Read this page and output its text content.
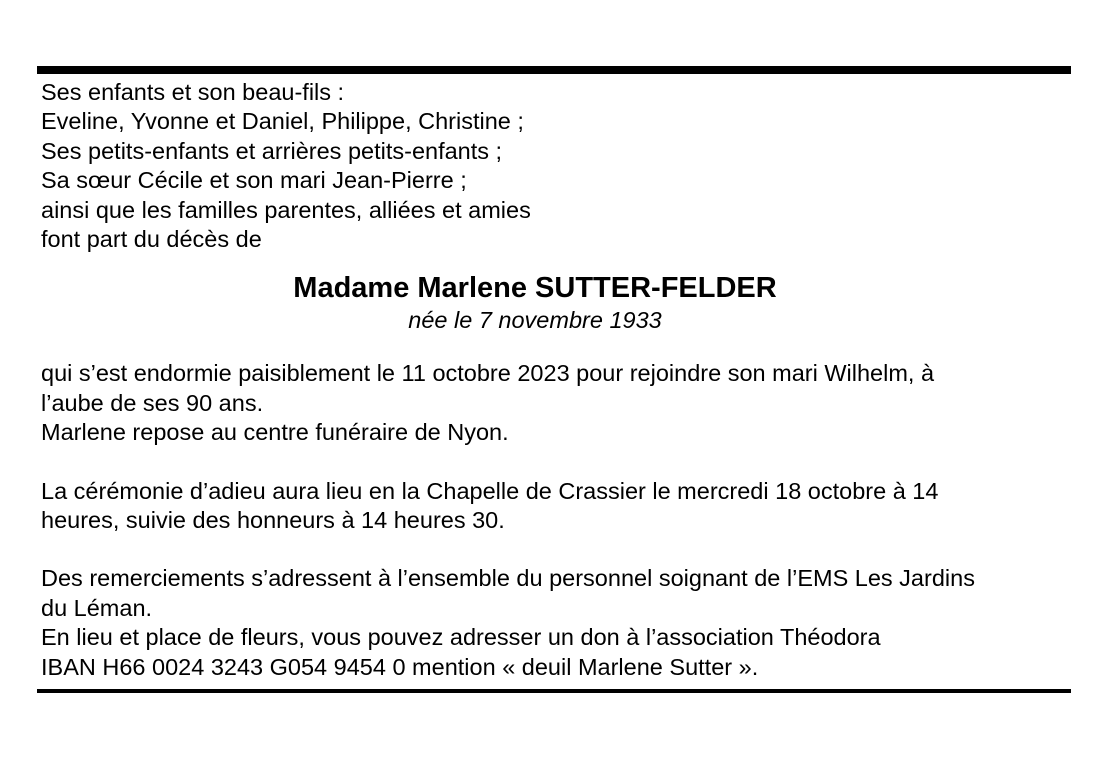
Ses enfants et son beau-fils :
Eveline, Yvonne et Daniel, Philippe, Christine ;
Ses petits-enfants et arrières petits-enfants ;
Sa sœur Cécile et son mari Jean-Pierre ;
ainsi que les familles parentes, alliées et amies
font part du décès de
Madame Marlene SUTTER-FELDER
née le 7 novembre 1933
qui s’est endormie paisiblement le 11 octobre 2023 pour rejoindre son mari Wilhelm, à
l’aube de ses 90 ans.
Marlene repose au centre funéraire de Nyon.
La cérémonie d’adieu aura lieu en la Chapelle de Crassier le mercredi 18 octobre à 14
heures, suivie des honneurs à 14 heures 30.
Des remerciements s’adressent à l’ensemble du personnel soignant de l’EMS Les Jardins
du Léman.
En lieu et place de fleurs, vous pouvez adresser un don à l’association Théodora
IBAN H66 0024 3243 G054 9454 0 mention « deuil Marlene Sutter ».
